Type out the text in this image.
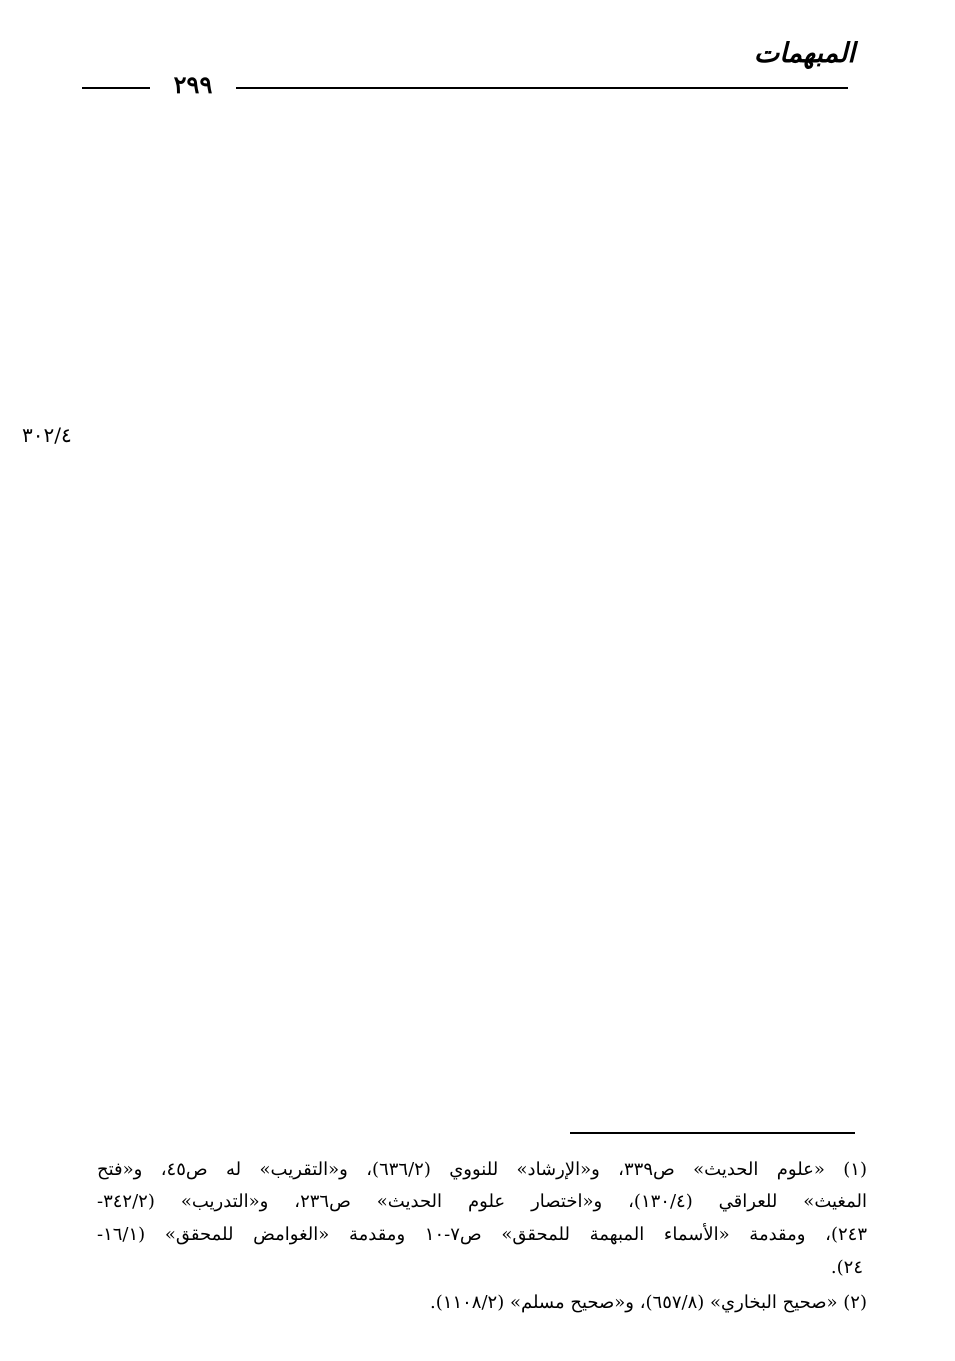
المبهمات
٢٩٩
٣٠٢/٤
(١) «علوم الحديث» ص٣٣٩، و«الإرشاد» للنووي (٦٣٦/٢)، و«التقريب» له ص٤٥، و«فتح
المغيث» للعراقي (١٣٠/٤)، و«اختصار علوم الحديث» ص٢٣٦، و«التدريب» (٣٤٢/٢-
٢٤٣)، ومقدمة «الأسماء المبهمة للمحقق» ص٧-١٠ ومقدمة «الغوامض للمحقق» (١٦/١-
٢٤).
(٢) «صحيح البخاري» (٦٥٧/٨)، و«صحيح مسلم» (١١٠٨/٢).
